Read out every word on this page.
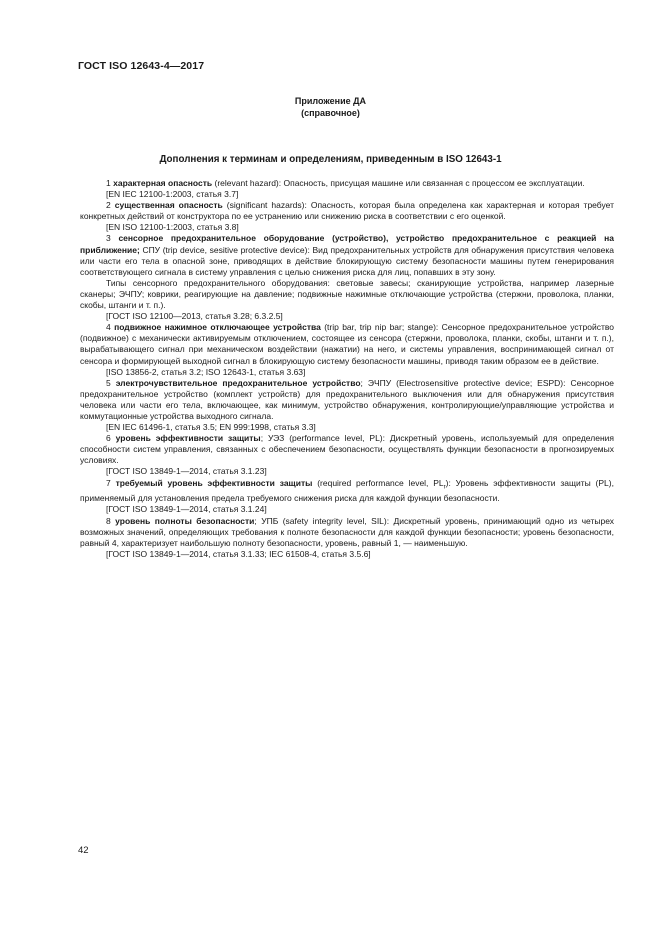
ГОСТ ISO 12643-4—2017
Приложение ДА
(справочное)
Дополнения к терминам и определениям, приведенным в ISO 12643-1

1 характерная опасность (relevant hazard): Опасность, присущая машине или связанная с процессом ее эксплуатации.

[EN IEC 12100-1:2003, статья 3.7]

2 существенная опасность (significant hazards): Опасность, которая была определена как характерная и которая требует конкретных действий от конструктора по ее устранению или снижению риска в соответствии с его оценкой.

[EN ISO 12100-1:2003, статья 3.8]

3 сенсорное предохранительное оборудование (устройство), устройство предохранительное с реакцией на приближение; СПУ (trip device, sesitive protective device): Вид предохранительных устройств для обнаружения присутствия человека или части его тела в опасной зоне, приводящих в действие блокирующую систему безопасности машины путем генерирования соответствующего сигнала в систему управления с целью снижения риска для лиц, попавших в эту зону.

Типы сенсорного предохранительного оборудования: световые завесы; сканирующие устройства, например лазерные сканеры; ЭЧПУ; коврики, реагирующие на давление; подвижные нажимные отключающие устройства (стержни, проволока, планки, скобы, штанги и т. п.).

[ГОСТ ISO 12100—2013, статья 3.28; 6.3.2.5]

4 подвижное нажимное отключающее устройства (trip bar, trip nip bar; stange): Сенсорное предохранительное устройство (подвижное) с механически активируемым отключением, состоящее из сенсора (стержни, проволока, планки, скобы, штанги и т. п.), вырабатывающего сигнал при механическом воздействии (нажатии) на него, и системы управления, воспринимающей сигнал от сенсора и формирующей выходной сигнал в блокирующую систему безопасности машины, приводя таким образом ее в действие.

[ISO 13856-2, статья 3.2; ISO 12643-1, статья 3.63]

5 электрочувствительное предохранительное устройство; ЭЧПУ (Electrosensitive protective device; ESPD): Сенсорное предохранительное устройство (комплект устройств) для предохранительного выключения или для обнаружения присутствия человека или части его тела, включающее, как минимум, устройство обнаружения, контролирующие/управляющие устройства и коммутационные устройства выходного сигнала.

[EN IEC 61496-1, статья 3.5; EN 999:1998, статья 3.3]

6 уровень эффективности защиты; УЭЗ (performance level, PL): Дискретный уровень, используемый для определения способности систем управления, связанных с обеспечением безопасности, осуществлять функции безопасности в прогнозируемых условиях.

[ГОСТ ISO 13849-1—2014, статья 3.1.23]

7 требуемый уровень эффективности защиты (required performance level, $PL_r$): Уровень эффективности защиты (PL), применяемый для установления предела требуемого снижения риска для каждой функции безопасности.

[ГОСТ ISO 13849-1—2014, статья 3.1.24]

8 уровень полноты безопасности; УПБ (safety integrity level, SIL): Дискретный уровень, принимающий одно из четырех возможных значений, определяющих требования к полноте безопасности для каждой функции безопасности; уровень безопасности, равный 4, характеризует наибольшую полноту безопасности, уровень, равный 1, — наименьшую.

[ГОСТ ISO 13849-1—2014, статья 3.1.33; IEC 61508-4, статья 3.5.6]

42
